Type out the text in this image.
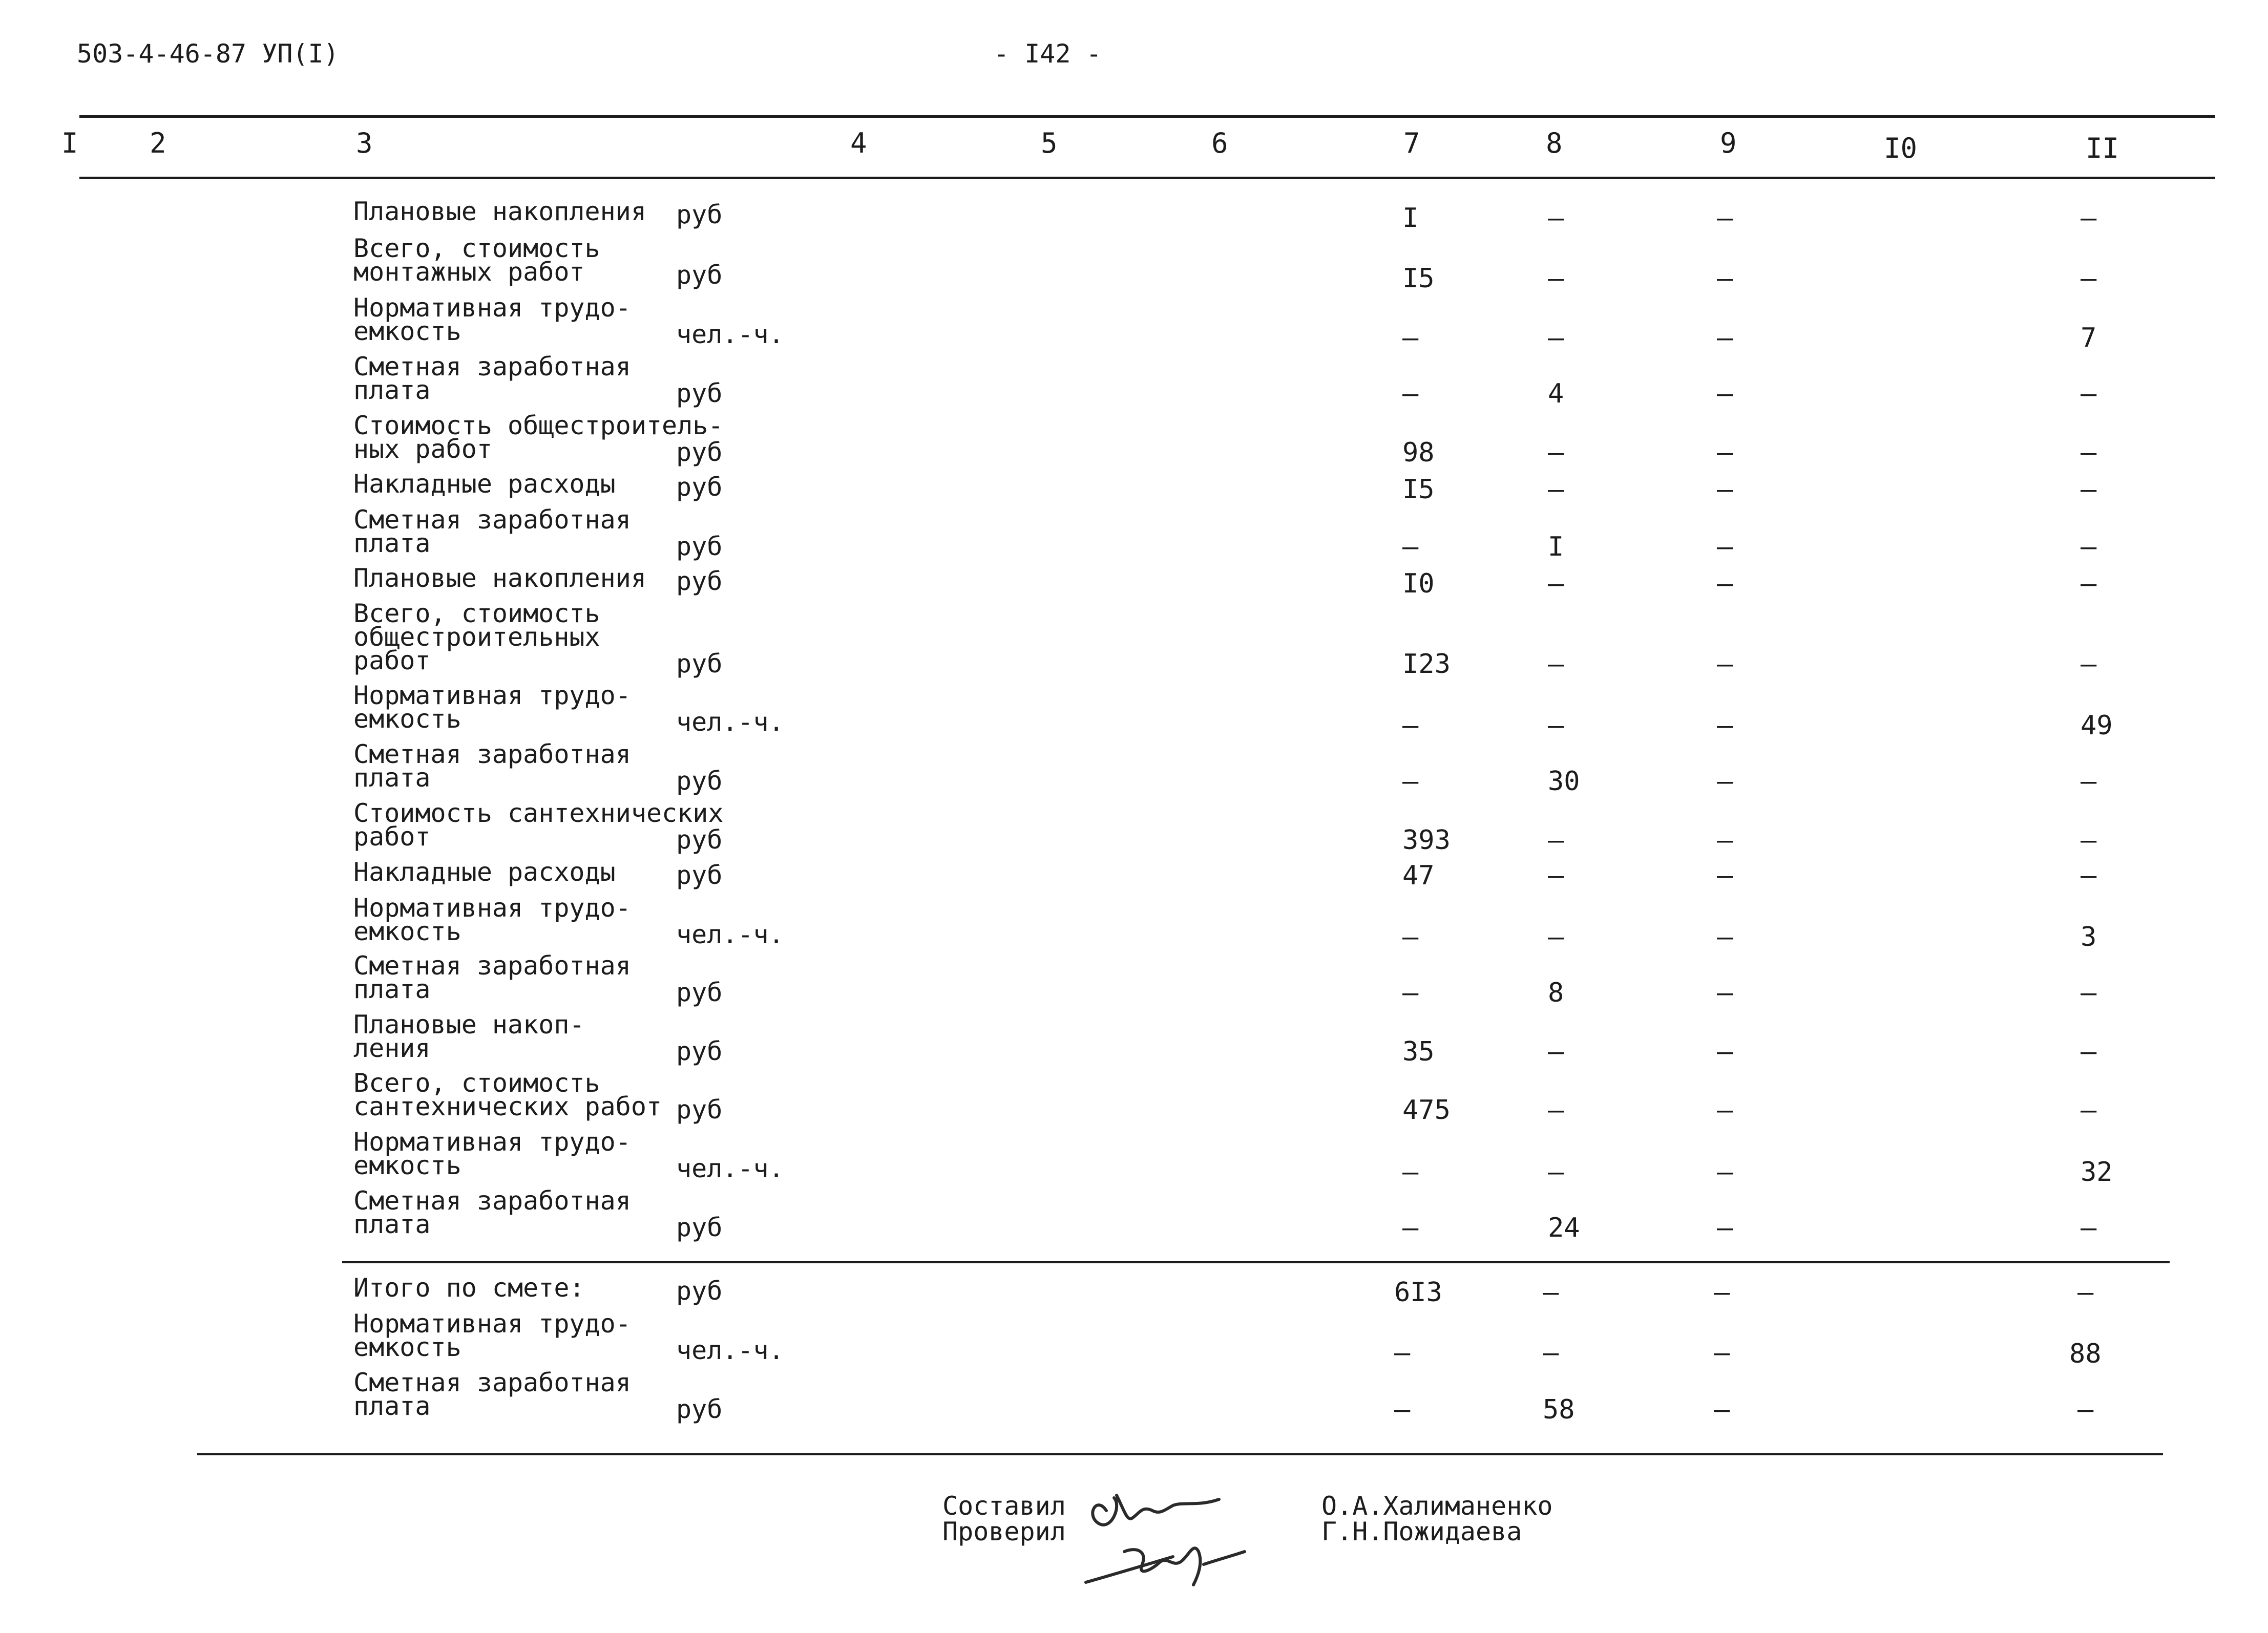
503-4-46-87 УП(I)	- I42 -
I	2	3	4	5	6	7	8	9	I0	II
Плановые накопления руб	I	–	–	–
Всего, стоимость
монтажных работ	руб	I5	–	–	–
Нормативная трудо-
емкость	чел.-ч.	–	–	–	7
Сметная заработная
плата	руб	–	4	–	–
Стоимость общестроитель-
ных работ	руб	98	–	–	–
Накладные расходы руб	I5	–	–	–
Сметная заработная
плата	руб	–	I	–	–
Плановые накопления руб	I0	–	–	–
Всего, стоимость
общестроительных
работ	руб	I23	–	–	–
Нормативная трудо-
емкость	чел.-ч.	–	–	–	49
Сметная заработная
плата	руб	–	30	–	–
Стоимость сантехнических
работ	руб	393	–	–	–
Накладные расходы руб	47	–	–	–
Нормативная трудо-
емкость	чел.-ч.	–	–	–	3
Сметная заработная
плата	руб	–	8	–	–
Плановые накоп-
ления	руб	35	–	–	–
Всего, стоимость
сантехнических работ руб	475	–	–	–
Нормативная трудо-
емкость	чел.-ч.	–	–	–	32
Сметная заработная
плата	руб	–	24	–	–
Итого по смете:	руб	6I3	–	–	–
Нормативная трудо-
емкость	чел.-ч.	–	–	–	88
Сметная заработная
плата	руб	–	58	–	–
Составил
Проверил
О.А.Халиманенко
Г.Н.Пожидаева
